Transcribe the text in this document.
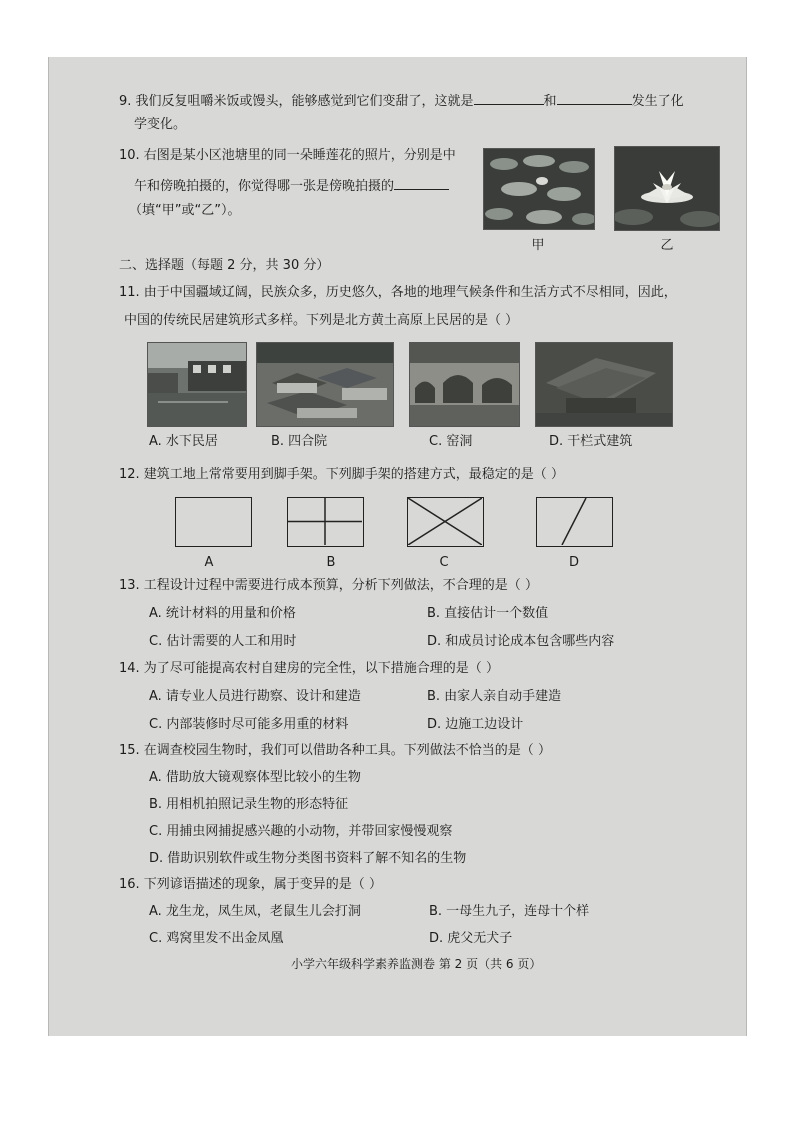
9. 我们反复咀嚼米饭或馒头，能够感觉到它们变甜了，这就是	和	发生了化
学变化。
10. 右图是某小区池塘里的同一朵睡莲花的照片，分别是中
午和傍晚拍摄的，你觉得哪一张是傍晚拍摄的
（填“甲”或“乙”）。
甲	乙
二、选择题（每题 2 分，共 30 分）
11. 由于中国疆域辽阔，民族众多，历史悠久，各地的地理气候条件和生活方式不尽相同，因此，
中国的传统民居建筑形式多样。下列是北方黄土高原上民居的是（ ）
A. 水下民居	B. 四合院	C. 窑洞	D. 干栏式建筑
12. 建筑工地上常常要用到脚手架。下列脚手架的搭建方式，最稳定的是（ ）
A	B	C	D
13. 工程设计过程中需要进行成本预算，分析下列做法，不合理的是（ ）
A. 统计材料的用量和价格	B. 直接估计一个数值
C. 估计需要的人工和用时	D. 和成员讨论成本包含哪些内容
14. 为了尽可能提高农村自建房的完全性，以下措施合理的是（ ）
A. 请专业人员进行勘察、设计和建造	B. 由家人亲自动手建造
C. 内部装修时尽可能多用重的材料	D. 边施工边设计
15. 在调查校园生物时，我们可以借助各种工具。下列做法不恰当的是（ ）
A. 借助放大镜观察体型比较小的生物
B. 用相机拍照记录生物的形态特征
C. 用捕虫网捕捉感兴趣的小动物，并带回家慢慢观察
D. 借助识别软件或生物分类图书资料了解不知名的生物
16. 下列谚语描述的现象，属于变异的是（ ）
A. 龙生龙，凤生凤，老鼠生儿会打洞	B. 一母生九子，连母十个样
C. 鸡窝里发不出金凤凰	D. 虎父无犬子
小学六年级科学素养监测卷 第 2 页（共 6 页）
